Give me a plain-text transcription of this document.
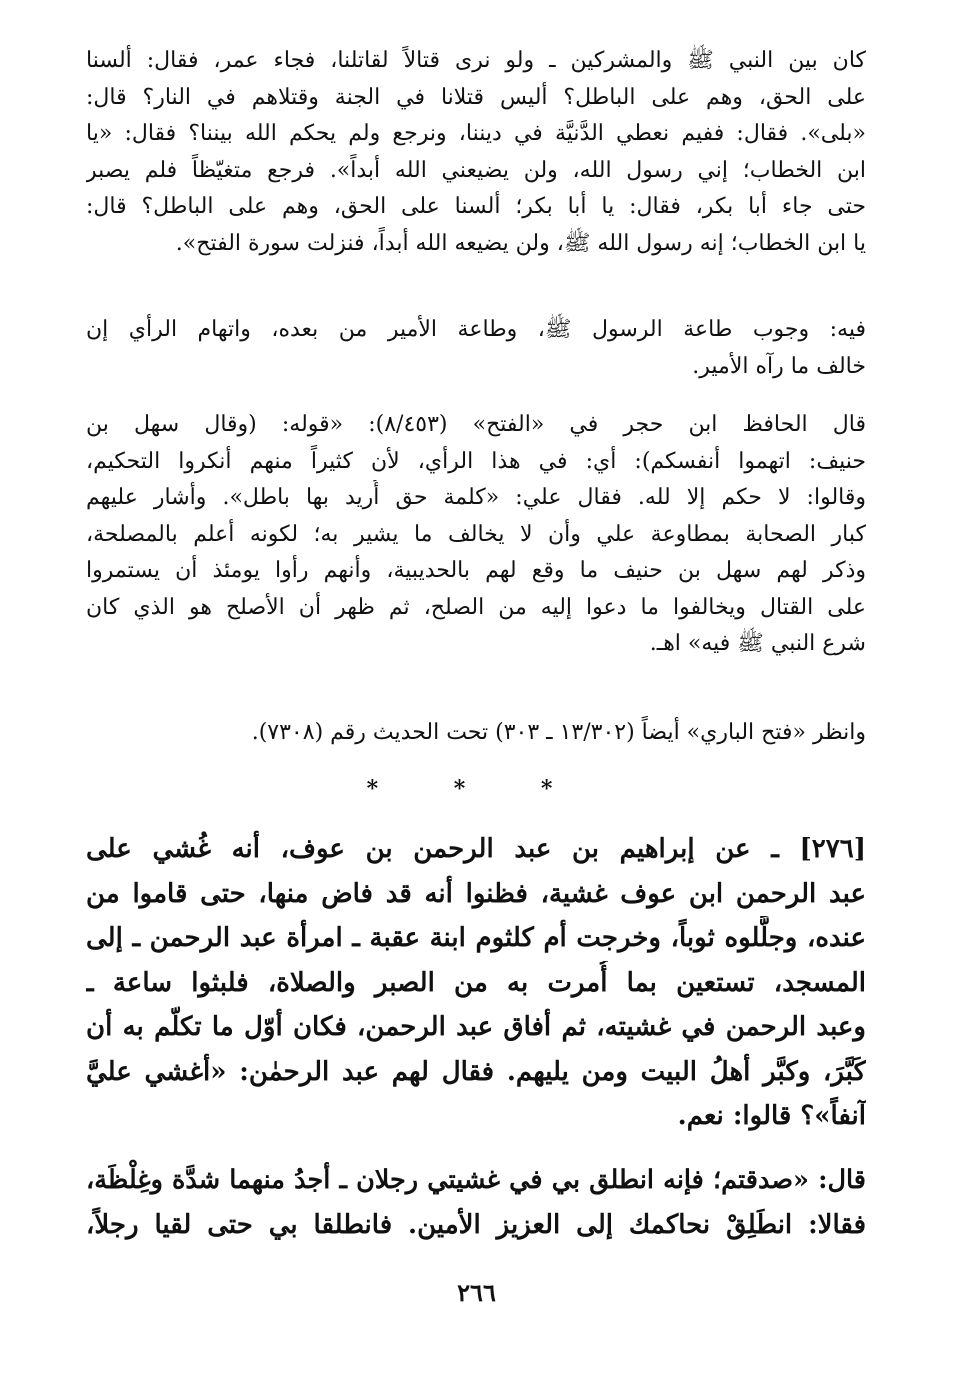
كان بين النبي ﷺ والمشركين ـ ولو نرى قتالاً لقاتلنا، فجاء عمر، فقال: ألسنا
على الحق، وهم على الباطل؟ أليس قتلانا في الجنة وقتلاهم في النار؟ قال:
«بلى». فقال: ففيم نعطي الدَّنيَّة في ديننا، ونرجع ولم يحكم الله بيننا؟ فقال: «يا
ابن الخطاب؛ إني رسول الله، ولن يضيعني الله أبداً». فرجع متغيّظاً فلم يصبر
حتى جاء أبا بكر، فقال: يا أبا بكر؛ ألسنا على الحق، وهم على الباطل؟ قال:
يا ابن الخطاب؛ إنه رسول الله ﷺ، ولن يضيعه الله أبداً، فنزلت سورة الفتح».
فيه: وجوب طاعة الرسول ﷺ، وطاعة الأمير من بعده، واتهام الرأي إن
خالف ما رآه الأمير.
قال الحافظ ابن حجر في «الفتح» (٨/٤٥٣): «قوله: (وقال سهل بن
حنيف: اتهموا أنفسكم): أي: في هذا الرأي، لأن كثيراً منهم أنكروا التحكيم،
وقالوا: لا حكم إلا لله. فقال علي: «كلمة حق أُريد بها باطل». وأشار عليهم
كبار الصحابة بمطاوعة علي وأن لا يخالف ما يشير به؛ لكونه أعلم بالمصلحة،
وذكر لهم سهل بن حنيف ما وقع لهم بالحديبية، وأنهم رأوا يومئذ أن يستمروا
على القتال ويخالفوا ما دعوا إليه من الصلح، ثم ظهر أن الأصلح هو الذي كان
شرع النبي ﷺ فيه» اهـ.
وانظر «فتح الباري» أيضاً (١٣/٣٠٢ ـ ٣٠٣) تحت الحديث رقم (٧٣٠٨).
* * *
[٢٧٦] ـ عن إبراهيم بن عبد الرحمن بن عوف، أنه غُشي على
عبد الرحمن ابن عوف غشية، فظنوا أنه قد فاض منها، حتى قاموا من
عنده، وجلَّلوه ثوباً، وخرجت أم كلثوم ابنة عقبة ـ امرأة عبد الرحمن ـ إلى
المسجد، تستعين بما أُمرت به من الصبر والصلاة، فلبثوا ساعة ـ
وعبد الرحمن في غشيته، ثم أفاق عبد الرحمن، فكان أوّل ما تكلّم به أن
كَبَّرَ، وكبَّر أهلُ البيت ومن يليهم. فقال لهم عبد الرحمٰن: «أغشي عليَّ
آنفاً»؟ قالوا: نعم.
قال: «صدقتم؛ فإنه انطلق بي في غشيتي رجلان ـ أجدُ منهما شدَّة وغِلْظَة،
فقالا: انطَلِقْ نحاكمك إلى العزيز الأمين. فانطلقا بي حتى لقيا رجلاً،
٢٦٦
